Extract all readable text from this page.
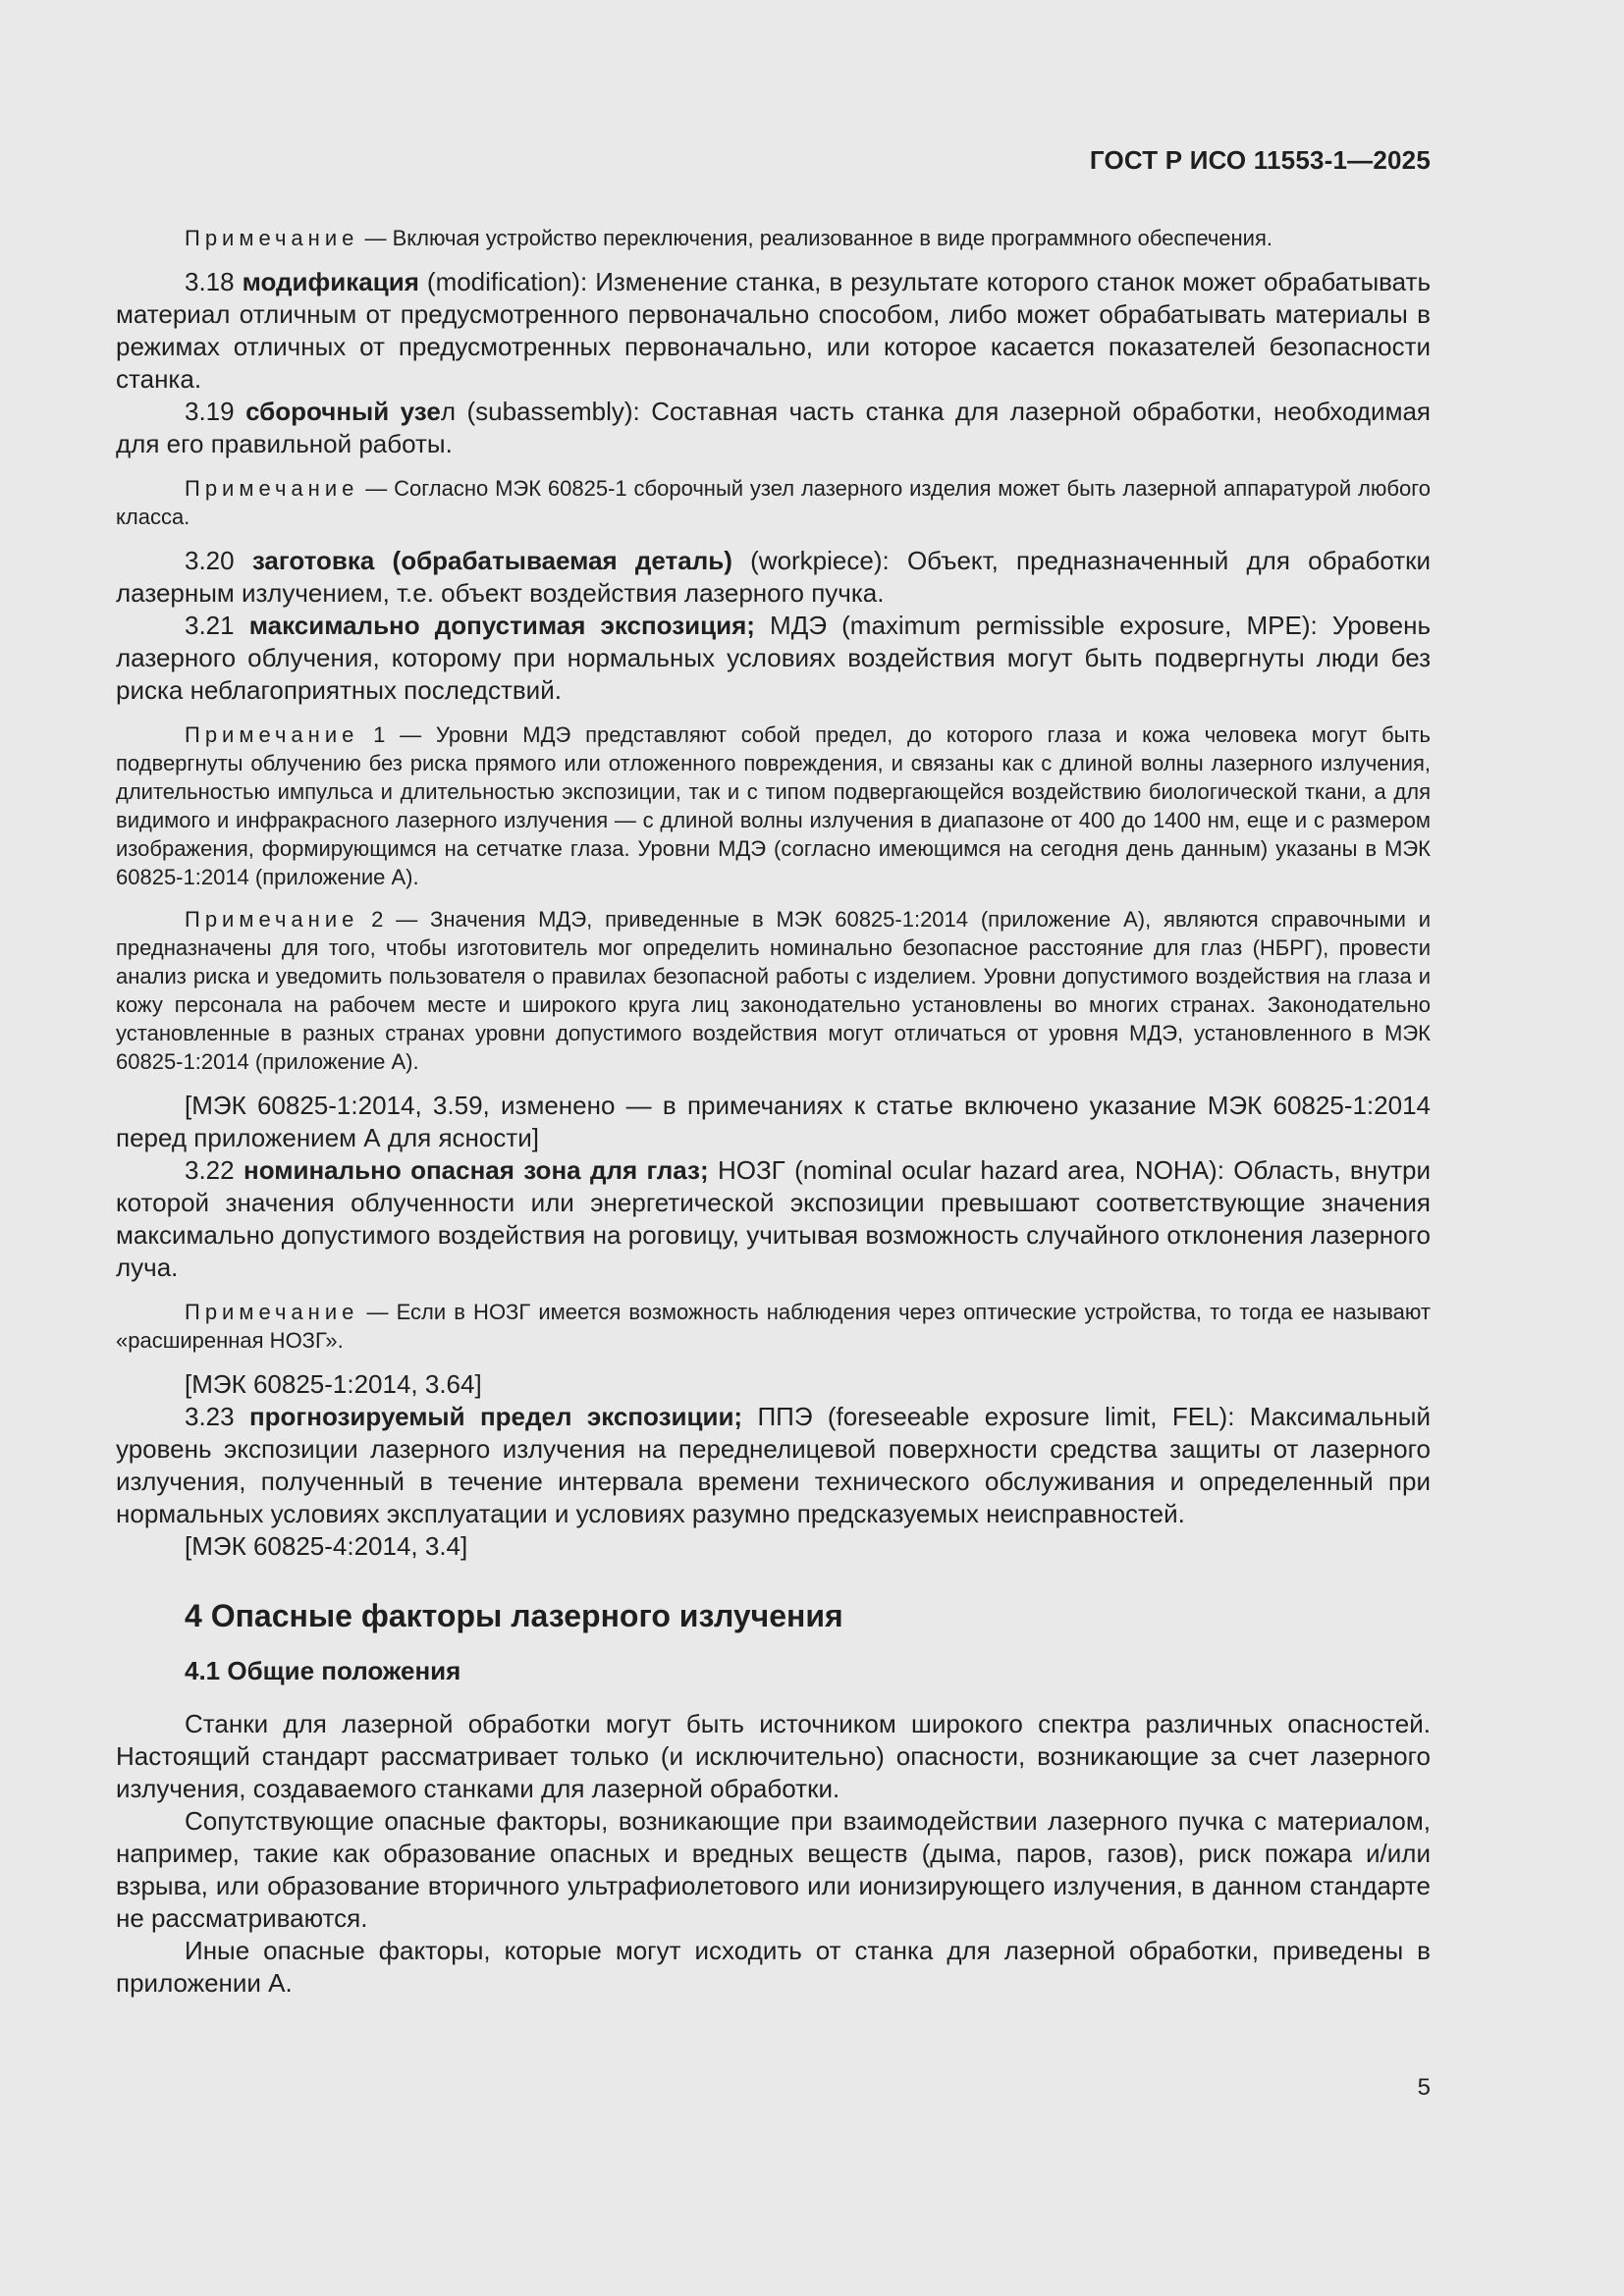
ГОСТ Р ИСО 11553-1—2025

Примечание — Включая устройство переключения, реализованное в виде программного обеспечения.

3.18 модификация (modification): Изменение станка, в результате которого станок может обрабатывать материал отличным от предусмотренного первоначально способом, либо может обрабатывать материалы в режимах отличных от предусмотренных первоначально, или которое касается показателей безопасности станка.

3.19 сборочный узел (subassembly): Составная часть станка для лазерной обработки, необходимая для его правильной работы.

Примечание — Согласно МЭК 60825-1 сборочный узел лазерного изделия может быть лазерной аппаратурой любого класса.

3.20 заготовка (обрабатываемая деталь) (workpiece): Объект, предназначенный для обработки лазерным излучением, т.е. объект воздействия лазерного пучка.

3.21 максимально допустимая экспозиция; МДЭ (maximum permissible exposure, MPE): Уровень лазерного облучения, которому при нормальных условиях воздействия могут быть подвергнуты люди без риска неблагоприятных последствий.

Примечание 1 — Уровни МДЭ представляют собой предел, до которого глаза и кожа человека могут быть подвергнуты облучению без риска прямого или отложенного повреждения, и связаны как с длиной волны лазерного излучения, длительностью импульса и длительностью экспозиции, так и с типом подвергающейся воздействию биологической ткани, а для видимого и инфракрасного лазерного излучения — с длиной волны излучения в диапазоне от 400 до 1400 нм, еще и с размером изображения, формирующимся на сетчатке глаза. Уровни МДЭ (согласно имеющимся на сегодня день данным) указаны в МЭК 60825-1:2014 (приложение А).

Примечание 2 — Значения МДЭ, приведенные в МЭК 60825-1:2014 (приложение А), являются справочными и предназначены для того, чтобы изготовитель мог определить номинально безопасное расстояние для глаз (НБРГ), провести анализ риска и уведомить пользователя о правилах безопасной работы с изделием. Уровни допустимого воздействия на глаза и кожу персонала на рабочем месте и широкого круга лиц законодательно установлены во многих странах. Законодательно установленные в разных странах уровни допустимого воздействия могут отличаться от уровня МДЭ, установленного в МЭК 60825-1:2014 (приложение А).

[МЭК 60825-1:2014, 3.59, изменено — в примечаниях к статье включено указание МЭК 60825-1:2014 перед приложением А для ясности]

3.22 номинально опасная зона для глаз; НОЗГ (nominal ocular hazard area, NOHA): Область, внутри которой значения облученности или энергетической экспозиции превышают соответствующие значения максимально допустимого воздействия на роговицу, учитывая возможность случайного отклонения лазерного луча.

Примечание — Если в НОЗГ имеется возможность наблюдения через оптические устройства, то тогда ее называют «расширенная НОЗГ».

[МЭК 60825-1:2014, 3.64]

3.23 прогнозируемый предел экспозиции; ППЭ (foreseeable exposure limit, FEL): Максимальный уровень экспозиции лазерного излучения на переднелицевой поверхности средства защиты от лазерного излучения, полученный в течение интервала времени технического обслуживания и определенный при нормальных условиях эксплуатации и условиях разумно предсказуемых неисправностей.

[МЭК 60825-4:2014, 3.4]

4 Опасные факторы лазерного излучения
4.1 Общие положения

Станки для лазерной обработки могут быть источником широкого спектра различных опасностей. Настоящий стандарт рассматривает только (и исключительно) опасности, возникающие за счет лазерного излучения, создаваемого станками для лазерной обработки.

Сопутствующие опасные факторы, возникающие при взаимодействии лазерного пучка с материалом, например, такие как образование опасных и вредных веществ (дыма, паров, газов), риск пожара и/или взрыва, или образование вторичного ультрафиолетового или ионизирующего излучения, в данном стандарте не рассматриваются.

Иные опасные факторы, которые могут исходить от станка для лазерной обработки, приведены в приложении А.

5
